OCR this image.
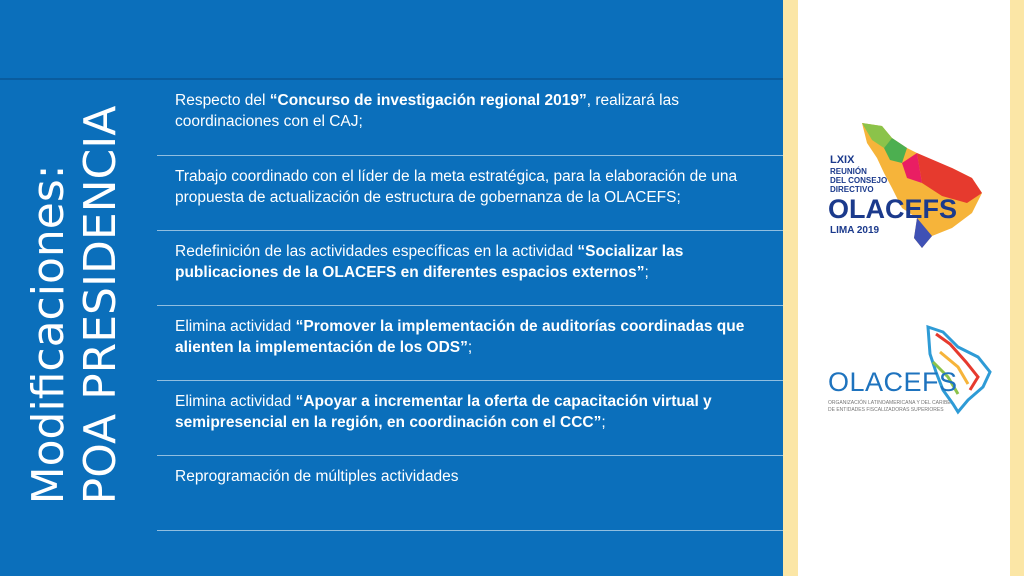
Modificaciones: POA PRESIDENCIA
Respecto del “Concurso de investigación regional 2019”, realizará las coordinaciones con el CAJ;
Trabajo coordinado con el líder de la meta estratégica, para la elaboración de una propuesta de actualización de estructura de gobernanza de la OLACEFS;
Redefinición de las actividades específicas en la actividad “Socializar las publicaciones de la OLACEFS en diferentes espacios externos”;
Elimina actividad “Promover la implementación de auditorías coordinadas que alienten la implementación de los ODS”;
Elimina actividad “Apoyar a incrementar la oferta de capacitación virtual y semipresencial en la región, en coordinación con el CCC”;
Reprogramación de múltiples actividades
LXIX
REUNIÓN
DEL CONSEJO
DIRECTIVO
OLACEFS
LIMA 2019
OLACEFS
ORGANIZACIÓN LATINOAMERICANA Y DEL CARIBE
DE ENTIDADES FISCALIZADORAS SUPERIORES
